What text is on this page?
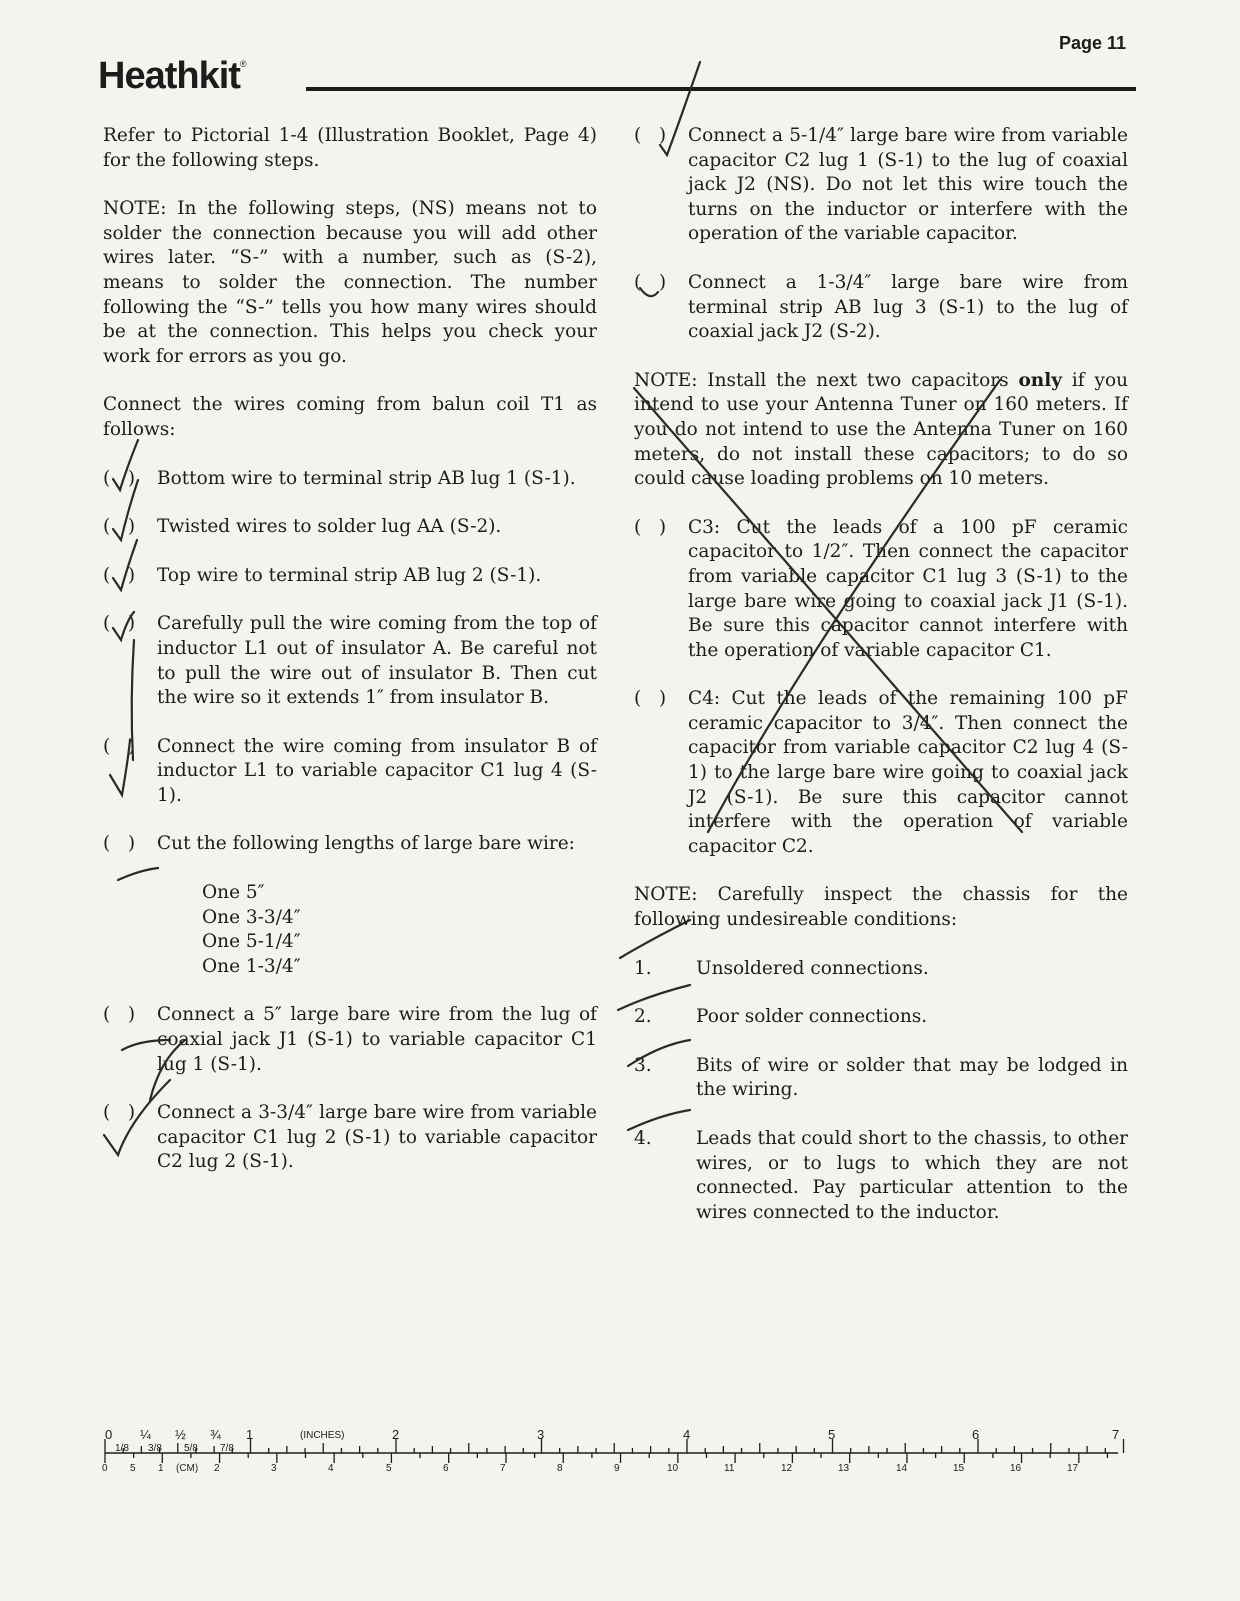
Page 11
Heathkit®

Refer to Pictorial 1-4 (Illustration Booklet, Page 4) for the following steps.

NOTE: In the following steps, (NS) means not to solder the connection because you will add other wires later. “S-” with a number, such as (S-2), means to solder the connection. The number following the “S-” tells you how many wires should be at the connection. This helps you check your work for errors as you go.

Connect the wires coming from balun coil T1 as follows:

(   )	Bottom wire to terminal strip AB lug 1 (S-1).
(   )	Twisted wires to solder lug AA (S-2).
(   )	Top wire to terminal strip AB lug 2 (S-1).
(   )	Carefully pull the wire coming from the top of inductor L1 out of insulator A. Be careful not to pull the wire out of insulator B. Then cut the wire so it extends 1″ from insulator B.
(   )	Connect the wire coming from insulator B of inductor L1 to variable capacitor C1 lug 4 (S-1).
(   )	Cut the following lengths of large bare wire:
One 5″
One 3-3/4″
One 5-1/4″
One 1-3/4″
(   )	Connect a 5″ large bare wire from the lug of coaxial jack J1 (S-1) to variable capacitor C1 lug 1 (S-1).
(   )	Connect a 3-3/4″ large bare wire from variable capacitor C1 lug 2 (S-1) to variable capacitor C2 lug 2 (S-1).
(   )	Connect a 5-1/4″ large bare wire from variable capacitor C2 lug 1 (S-1) to the lug of coaxial jack J2 (NS). Do not let this wire touch the turns on the inductor or interfere with the operation of the variable capacitor.
(   )	Connect a 1-3/4″ large bare wire from terminal strip AB lug 3 (S-1) to the lug of coaxial jack J2 (S-2).

NOTE: Install the next two capacitors only if you intend to use your Antenna Tuner on 160 meters. If you do not intend to use the Antenna Tuner on 160 meters, do not install these capacitors; to do so could cause loading problems on 10 meters.

(   )	C3: Cut the leads of a 100 pF ceramic capacitor to 1/2″. Then connect the capacitor from variable capacitor C1 lug 3 (S-1) to the large bare wire going to coaxial jack J1 (S-1). Be sure this capacitor cannot interfere with the operation of variable capacitor C1.
(   )	C4: Cut the leads of the remaining 100 pF ceramic capacitor to 3/4″. Then connect the capacitor from variable capacitor C2 lug 4 (S-1) to the large bare wire going to coaxial jack J2 (S-1). Be sure this capacitor cannot interfere with the operation of variable capacitor C2.

NOTE: Carefully inspect the chassis for the following undesireable conditions:

1.	Unsoldered connections.
2.	Poor solder connections.
3.	Bits of wire or solder that may be lodged in the wiring.
4.	Leads that could short to the chassis, to other wires, or to lugs to which they are not connected. Pay particular attention to the wires connected to the inductor.
0 ¼ ½ ¾ 1	(INCHES)	2	3	4	5	6	7
1/8 3/8 5/8 7/8
0 5 1 (CM) 2	3	4	5	6	7	8	9	10	11	12	13	14	15	16	17
